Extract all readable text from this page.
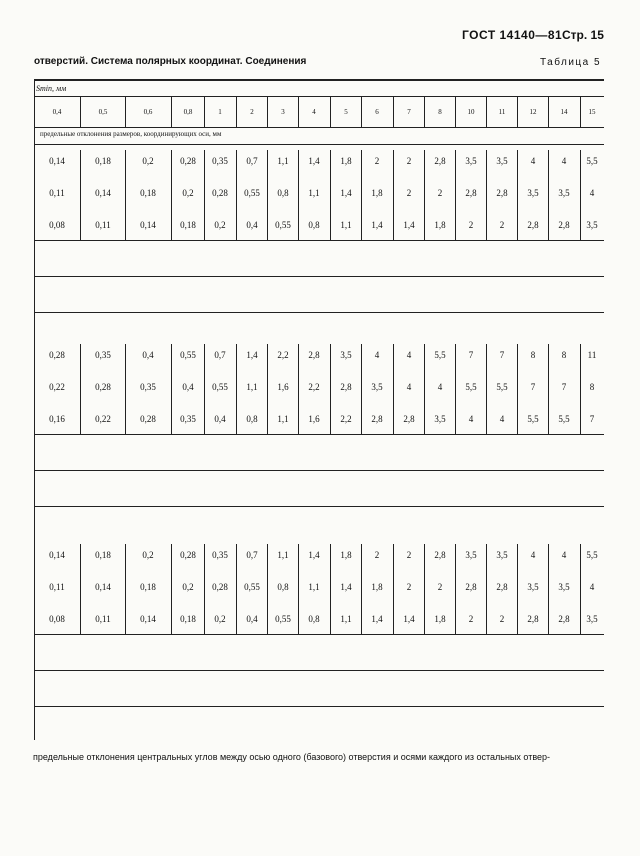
ГОСТ 14140—81 Стр. 15
отверстий. Система полярных координат. Соединения	Таблица 5
Smin, мм
предельные отклонения размеров, координирующих оси, мм
0,4	0,5	0,6	0,8	1	2	3	4	5	6	7	8	10	11	12	14	15
0,14	0,18	0,2	0,28	0,35	0,7	1,1	1,4	1,8	2	2	2,8	3,5	3,5	4	4	5,5
0,11	0,14	0,18	0,2	0,28	0,55	0,8	1,1	1,4	1,8	2	2	2,8	2,8	3,5	3,5	4
0,08	0,11	0,14	0,18	0,2	0,4	0,55	0,8	1,1	1,4	1,4	1,8	2	2	2,8	2,8	3,5
0,28	0,35	0,4	0,55	0,7	1,4	2,2	2,8	3,5	4	4	5,5	7	7	8	8	11
0,22	0,28	0,35	0,4	0,55	1,1	1,6	2,2	2,8	3,5	4	4	5,5	5,5	7	7	8
0,16	0,22	0,28	0,35	0,4	0,8	1,1	1,6	2,2	2,8	2,8	3,5	4	4	5,5	5,5	7
0,14	0,18	0,2	0,28	0,35	0,7	1,1	1,4	1,8	2	2	2,8	3,5	3,5	4	4	5,5
0,11	0,14	0,18	0,2	0,28	0,55	0,8	1,1	1,4	1,8	2	2	2,8	2,8	3,5	3,5	4
0,08	0,11	0,14	0,18	0,2	0,4	0,55	0,8	1,1	1,4	1,4	1,8	2	2	2,8	2,8	3,5
предельные отклонения центральных углов между осью одного (базового) отверстия и осями каждого из остальных отвер-
